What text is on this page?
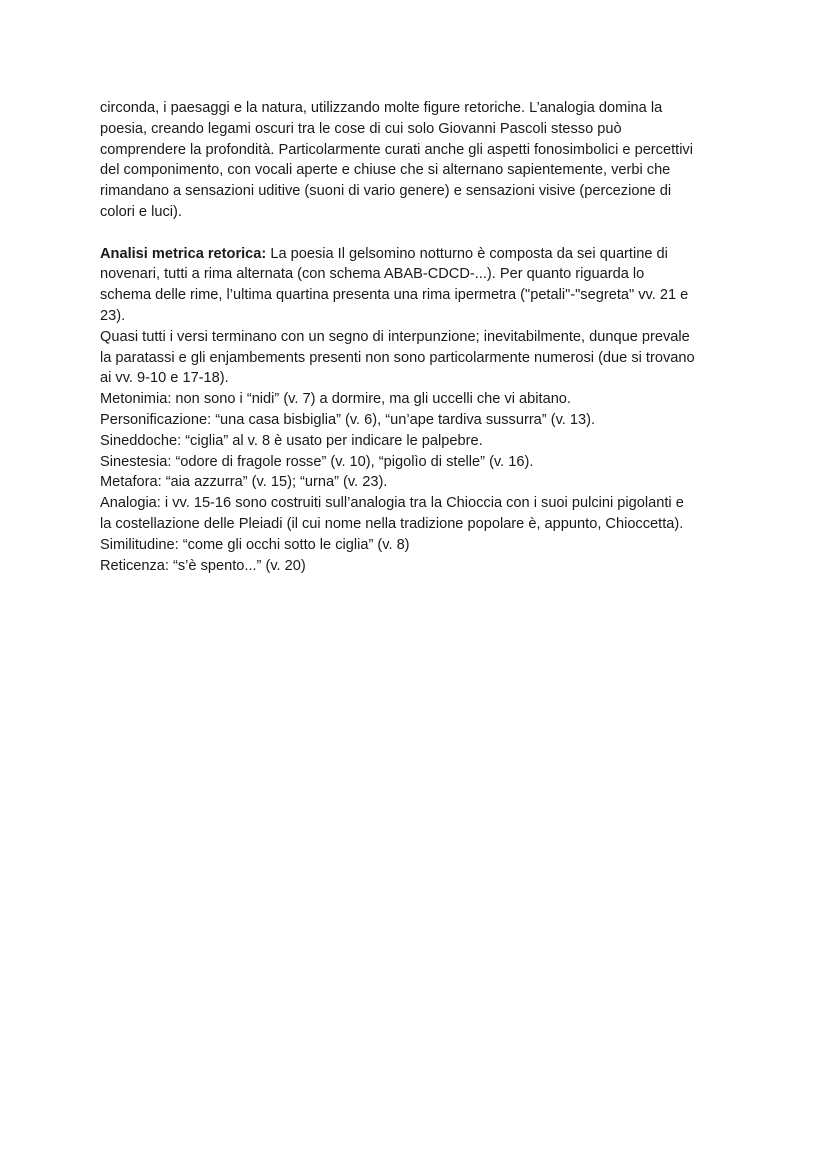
circonda, i paesaggi e la natura, utilizzando molte figure retoriche. L’analogia domina la
poesia, creando legami oscuri tra le cose di cui solo Giovanni Pascoli stesso può
comprendere la profondità. Particolarmente curati anche gli aspetti fonosimbolici e percettivi
del componimento, con vocali aperte e chiuse che si alternano sapientemente, verbi che
rimandano a sensazioni uditive (suoni di vario genere) e sensazioni visive (percezione di
colori e luci).

Analisi metrica retorica: La poesia Il gelsomino notturno è composta da sei quartine di
novenari, tutti a rima alternata (con schema ABAB-CDCD-...). Per quanto riguarda lo
schema delle rime, l’ultima quartina presenta una rima ipermetra ("petali"-"segreta" vv. 21 e
23).
Quasi tutti i versi terminano con un segno di interpunzione; inevitabilmente, dunque prevale
la paratassi e gli enjambements presenti non sono particolarmente numerosi (due si trovano
ai vv. 9-10 e 17-18).
Metonimia: non sono i “nidi” (v. 7) a dormire, ma gli uccelli che vi abitano.
Personificazione: “una casa bisbiglia” (v. 6), “un’ape tardiva sussurra” (v. 13).
Sineddoche: “ciglia” al v. 8 è usato per indicare le palpebre.
Sinestesia: “odore di fragole rosse” (v. 10), “pigolìo di stelle” (v. 16).
Metafora: “aia azzurra” (v. 15); “urna” (v. 23).
Analogia: i vv. 15-16 sono costruiti sull’analogia tra la Chioccia con i suoi pulcini pigolanti e
la costellazione delle Pleiadi (il cui nome nella tradizione popolare è, appunto, Chioccetta).
Similitudine: “come gli occhi sotto le ciglia” (v. 8)
Reticenza: “s’è spento...” (v. 20)
